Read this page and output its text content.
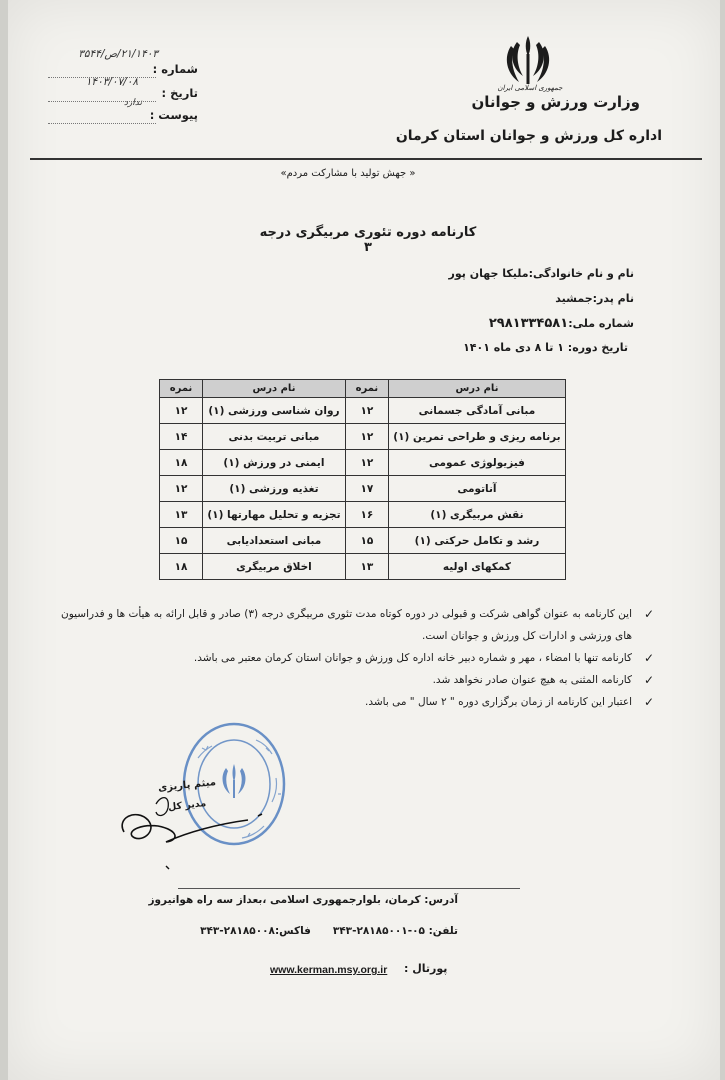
شماره :
۲۱/۱۴۰۳/ص/۳۵۴۴
تاریخ :
۱۴۰۳/۰۷/۰۸
پیوست :
ندارد
جمهوری اسلامی ایران
وزارت ورزش و جوانان
اداره کل ورزش و جوانان استان کرمان
« جهش تولید با مشارکت مردم»
کارنامه دوره تئوری مربیگری درجه ۳
نام و نام خانوادگی:ملیکا جهان پور
نام پدر:جمشید
شماره ملی:۲۹۸۱۳۳۴۵۸۱
تاریخ دوره: ۱ تا ۸ دی ماه ۱۴۰۱
نام درس	نمره	نام درس	نمره
مبانی آمادگی جسمانی	۱۲	روان شناسی ورزشی (۱)	۱۲
برنامه ریزی و طراحی تمرین (۱)	۱۲	مبانی تربیت بدنی	۱۴
فیزیولوژی عمومی	۱۲	ایمنی در ورزش (۱)	۱۸
آناتومی	۱۷	تغذیه ورزشی (۱)	۱۲
نقش مربیگری (۱)	۱۶	تجزیه و تحلیل مهارتها (۱)	۱۳
رشد و تکامل حرکتی (۱)	۱۵	مبانی استعدادیابی	۱۵
کمکهای اولیه	۱۳	اخلاق مربیگری	۱۸
✓
این کارنامه به عنوان گواهی شرکت و قبولی در دوره کوتاه مدت تئوری مربیگری درجه (۳) صادر و قابل ارائه به هیأت ها و فدراسیون های ورزشی و ادارات کل ورزش و جوانان است.
✓
کارنامه تنها با امضاء ، مهر و شماره دبیر خانه اداره کل ورزش و جوانان استان کرمان معتبر می باشد.
✓
کارنامه المثنی به هیچ عنوان صادر نخواهد شد.
✓
اعتبار این کارنامه از زمان برگزاری دوره " ۲ سال " می باشد.
میثم پاریزی
مدیر کل
آدرس: کرمان، بلوارجمهوری اسلامی ،بعداز سه راه هوانیروز
تلفن: ۰۵-۲۸۱۸۵۰۰۱-۳۴۳      فاکس:۲۸۱۸۵۰۰۸-۳۴۳
پورتال :
www.kerman.msy.org.ir
